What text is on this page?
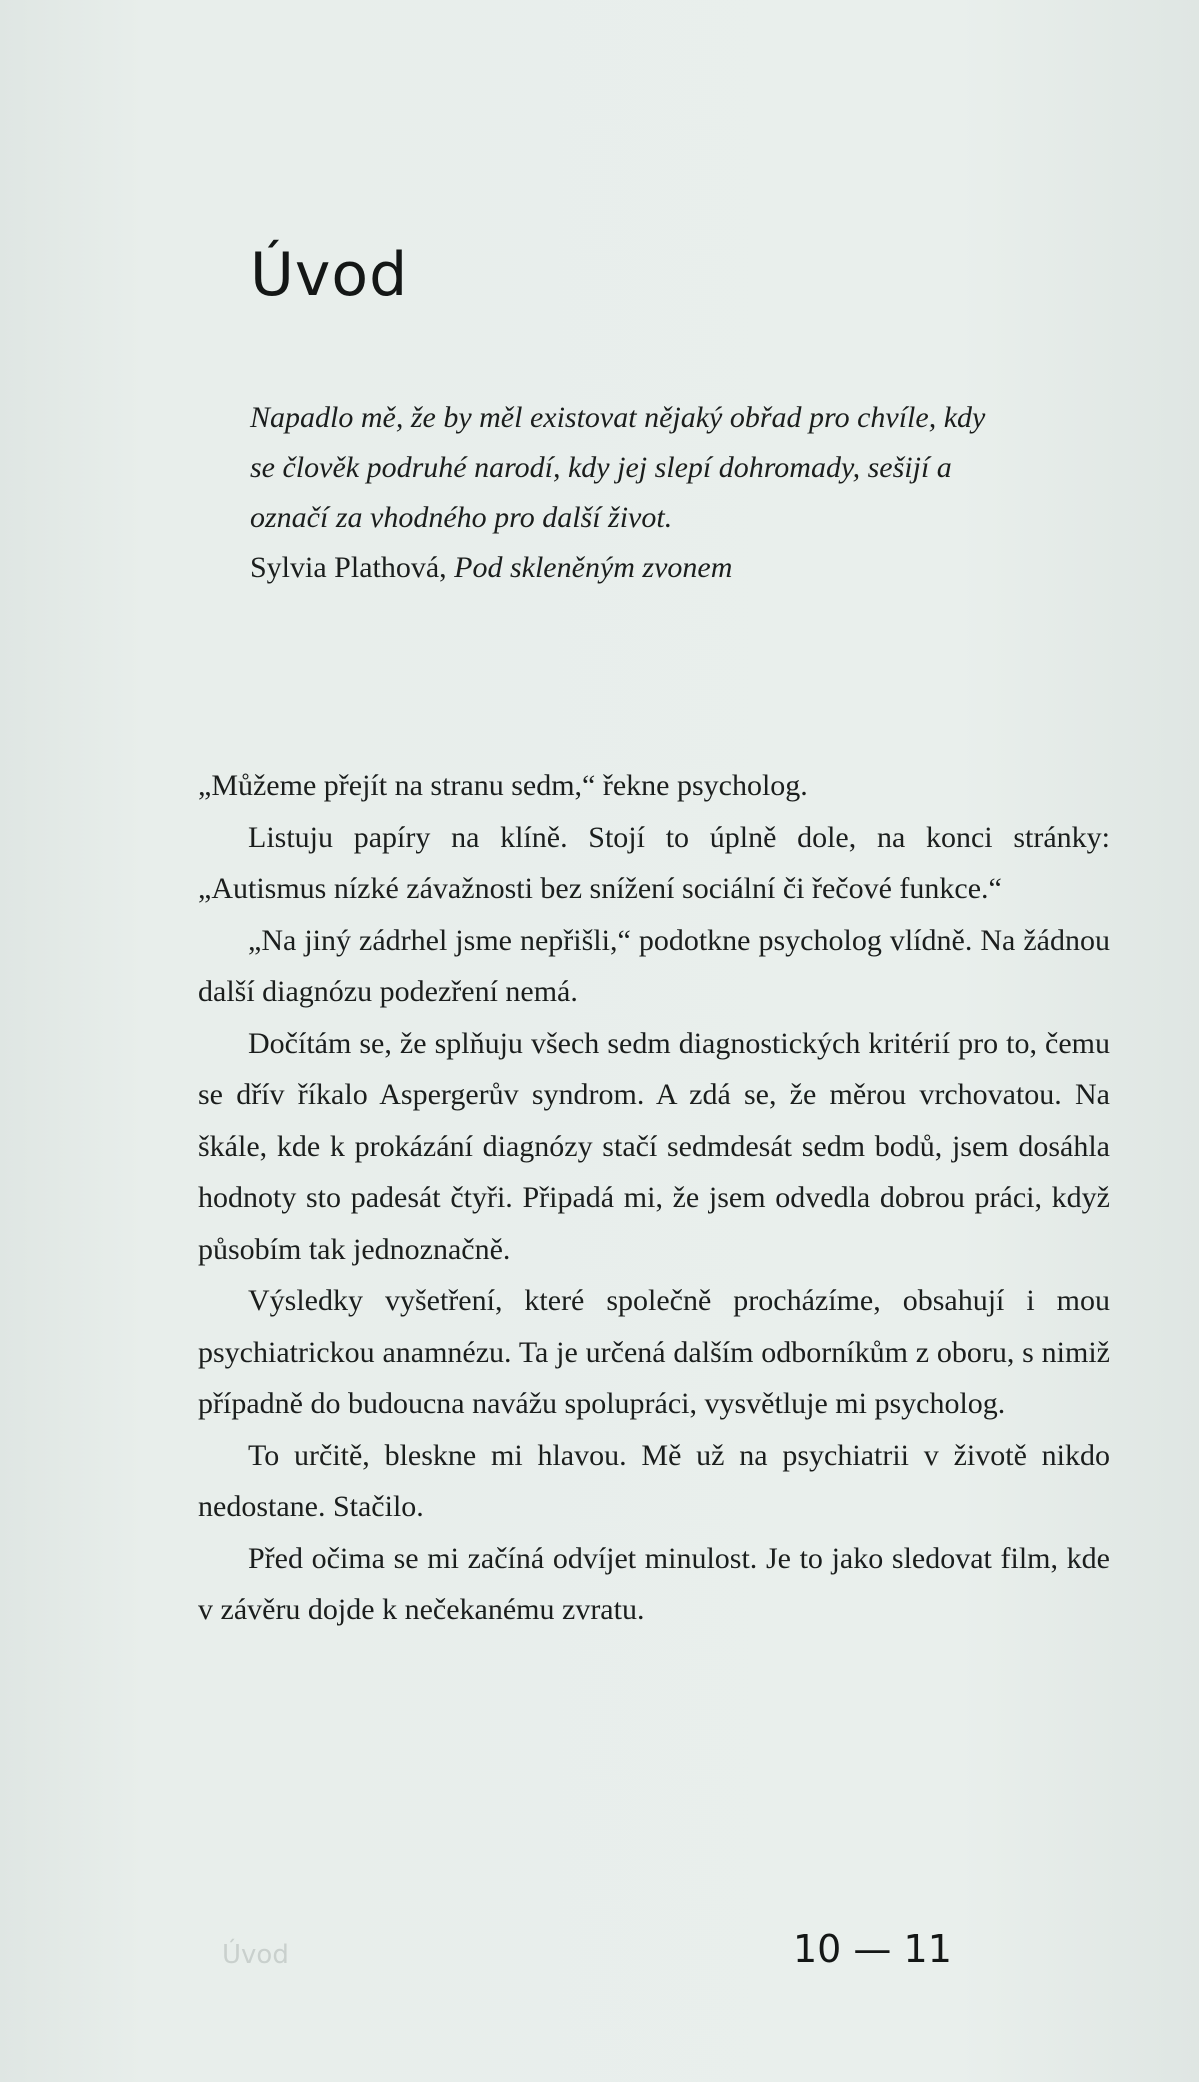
Úvod

Napadlo mě, že by měl existovat nějaký obřad pro chvíle, kdy se člověk podruhé narodí, kdy jej slepí dohromady, sešijí a označí za vhodného pro další život.

Sylvia Plathová, Pod skleněným zvonem

„Můžeme přejít na stranu sedm,“ řekne psycholog.

Listuju papíry na klíně. Stojí to úplně dole, na konci stránky: „Autismus nízké závažnosti bez snížení sociální či řečové funkce.“

„Na jiný zádrhel jsme nepřišli,“ podotkne psycholog vlídně. Na žádnou další diagnózu podezření nemá.

Dočítám se, že splňuju všech sedm diagnostických kritérií pro to, čemu se dřív říkalo Aspergerův syndrom. A zdá se, že měrou vrchovatou. Na škále, kde k prokázání diagnózy stačí sedmdesát sedm bodů, jsem dosáhla hodnoty sto padesát čtyři. Připadá mi, že jsem odvedla dobrou práci, když působím tak jednoznačně.

Výsledky vyšetření, které společně procházíme, obsahují i mou psychiatrickou anamnézu. Ta je určená dalším odborníkům z oboru, s nimiž případně do budoucna navážu spolupráci, vysvětluje mi psycholog.

To určitě, bleskne mi hlavou. Mě už na psychiatrii v životě nikdo nedostane. Stačilo.

Před očima se mi začíná odvíjet minulost. Je to jako sledovat film, kde v závěru dojde k nečekanému zvratu.

Úvod	10 — 11
